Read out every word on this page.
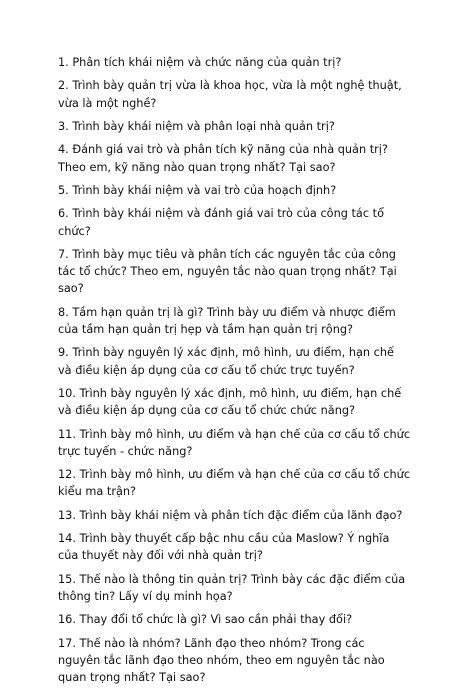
1. Phân tích khái niệm và chức năng của quản trị?
2. Trình bày quản trị vừa là khoa học, vừa là một nghệ thuật,
vừa là một nghề?
3. Trình bày khái niệm và phân loại nhà quản trị?
4. Đánh giá vai trò và phân tích kỹ năng của nhà quản trị?
Theo em, kỹ năng nào quan trọng nhất? Tại sao?
5. Trình bày khái niệm và vai trò của hoạch định?
6. Trình bày khái niệm và đánh giá vai trò của công tác tổ
chức?
7. Trình bày mục tiêu và phân tích các nguyên tắc của công
tác tổ chức? Theo em, nguyên tắc nào quan trọng nhất? Tại
sao?
8. Tầm hạn quản trị là gì? Trình bày ưu điểm và nhược điểm
của tầm hạn quản trị hẹp và tầm hạn quản trị rộng?
9. Trình bày nguyên lý xác định, mô hình, ưu điểm, hạn chế
và điều kiện áp dụng của cơ cấu tổ chức trực tuyến?
10. Trình bày nguyên lý xác định, mô hình, ưu điểm, hạn chế
và điều kiện áp dụng của cơ cấu tổ chức chức năng?
11. Trình bày mô hình, ưu điểm và hạn chế của cơ cấu tổ chức
trực tuyến - chức năng?
12. Trình bày mô hình, ưu điểm và hạn chế của cơ cấu tổ chức
kiểu ma trận?
13. Trình bày khái niệm và phân tích đặc điểm của lãnh đạo?
14. Trình bày thuyết cấp bậc nhu cầu của Maslow? Ý nghĩa
của thuyết này đối với nhà quản trị?
15. Thế nào là thông tin quản trị? Trình bày các đặc điểm của
thông tin? Lấy ví dụ minh họa?
16. Thay đổi tổ chức là gì? Vì sao cần phải thay đổi?
17. Thế nào là nhóm? Lãnh đạo theo nhóm? Trong các
nguyên tắc lãnh đạo theo nhóm, theo em nguyên tắc nào
quan trọng nhất? Tại sao?
